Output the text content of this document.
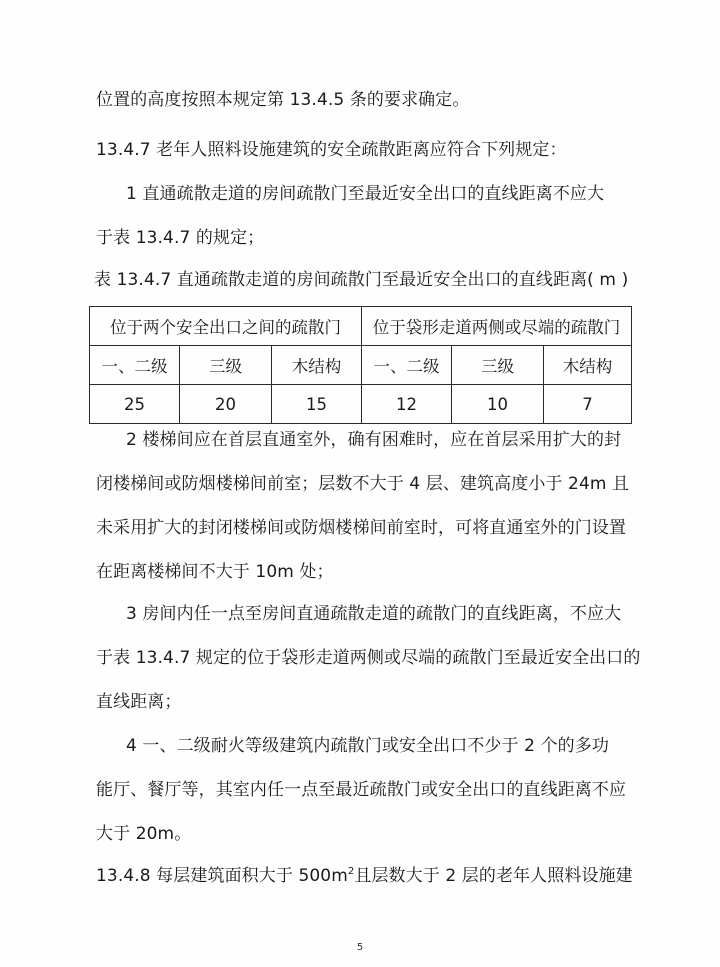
位置的高度按照本规定第 13.4.5 条的要求确定。
13.4.7 老年人照料设施建筑的安全疏散距离应符合下列规定：
1 直通疏散走道的房间疏散门至最近安全出口的直线距离不应大
于表 13.4.7 的规定；
表 13.4.7 直通疏散走道的房间疏散门至最近安全出口的直线距离( m )
位于两个安全出口之间的疏散门			位于袋形走道两侧或尽端的疏散门		
一、二级	三级	木结构	一、二级	三级	木结构
25	20	15	12	10	7
2 楼梯间应在首层直通室外，确有困难时，应在首层采用扩大的封
闭楼梯间或防烟楼梯间前室；层数不大于 4 层、建筑高度小于 24m 且
未采用扩大的封闭楼梯间或防烟楼梯间前室时，可将直通室外的门设置
在距离楼梯间不大于 10m 处；
3 房间内任一点至房间直通疏散走道的疏散门的直线距离，不应大
于表 13.4.7 规定的位于袋形走道两侧或尽端的疏散门至最近安全出口的
直线距离；
4 一、二级耐火等级建筑内疏散门或安全出口不少于 2 个的多功
能厅、餐厅等，其室内任一点至最近疏散门或安全出口的直线距离不应
大于 20m。
13.4.8 每层建筑面积大于 $500m^2$且层数大于 2 层的老年人照料设施建
5
